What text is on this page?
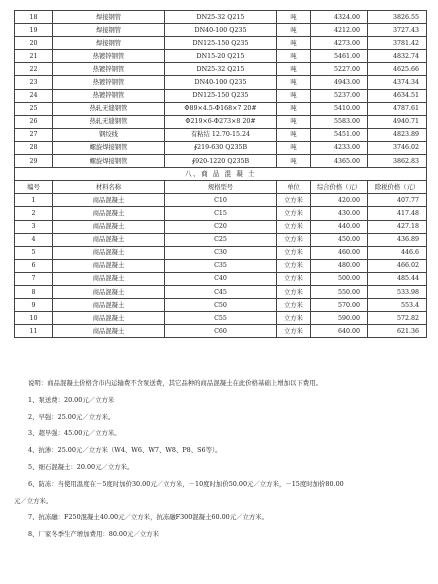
18	焊接钢管	DN25-32 Q215	吨	4324.00	3826.55
19	焊接钢管	DN40-100 Q235	吨	4212.00	3727.43
20	焊接钢管	DN125-150 Q235	吨	4273.00	3781.42
21	热镀锌钢管	DN15-20 Q215	吨	5461.00	4832.74
22	热镀锌钢管	DN25-32 Q215	吨	5227.00	4625.66
23	热镀锌钢管	DN40-100 Q235	吨	4943.00	4374.34
24	热镀锌钢管	DN125-150 Q235	吨	5237.00	4634.51
25	热轧无缝钢管	Φ89×4.5-Φ168×7 20#	吨	5410.00	4787.61
26	热轧无缝钢管	Φ219×6-Φ273×8 20#	吨	5583.00	4940.71
27	钢绞线	有粘结 12.70-15.24	吨	5451.00	4823.89
28	螺旋焊接钢管	∮219-630 Q235B	吨	4233.00	3746.02
29	螺旋焊接钢管	∮920-1220 Q235B	吨	4365.00	3862.83
八、商 品 混 凝 土					
编号	材料名称	规格型号	单位	综合价格（元）	除税价格（元）
1	商品混凝土	C10	立方米	420.00	407.77
2	商品混凝土	C15	立方米	430.00	417.48
3	商品混凝土	C20	立方米	440.00	427.18
4	商品混凝土	C25	立方米	450.00	436.89
5	商品混凝土	C30	立方米	460.00	446.6
6	商品混凝土	C35	立方米	480.00	466.02
7	商品混凝土	C40	立方米	500.00	485.44
8	商品混凝土	C45	立方米	550.00	533.98
9	商品混凝土	C50	立方米	570.00	553.4
10	商品混凝土	C55	立方米	590.00	572.82
11	商品混凝土	C60	立方米	640.00	621.36

说明：商品混凝土价格含市内运输费不含泵送费，其它品种的商品混凝土在此价格基础上增加以下费用。

1、泵送费：20.00元／立方米

2、早强：25.00元／立方米。

3、超早强：45.00元／立方米。

4、抗渗：25.00元／立方米（W4、W6、W7、W8、P8、S6等）。

5、细石混凝土：20.00元／立方米。

6、防冻：当使用温度在－5度时加价30.00元／立方米，－10度时加价50.00元／立方米，－15度时加价80.00

元／立方米。

7、抗冻融：F250混凝土40.00元／立方米，抗冻融F300混凝土60.00元／立方米。

8、厂家冬季生产增加费用：80.00元／立方米
